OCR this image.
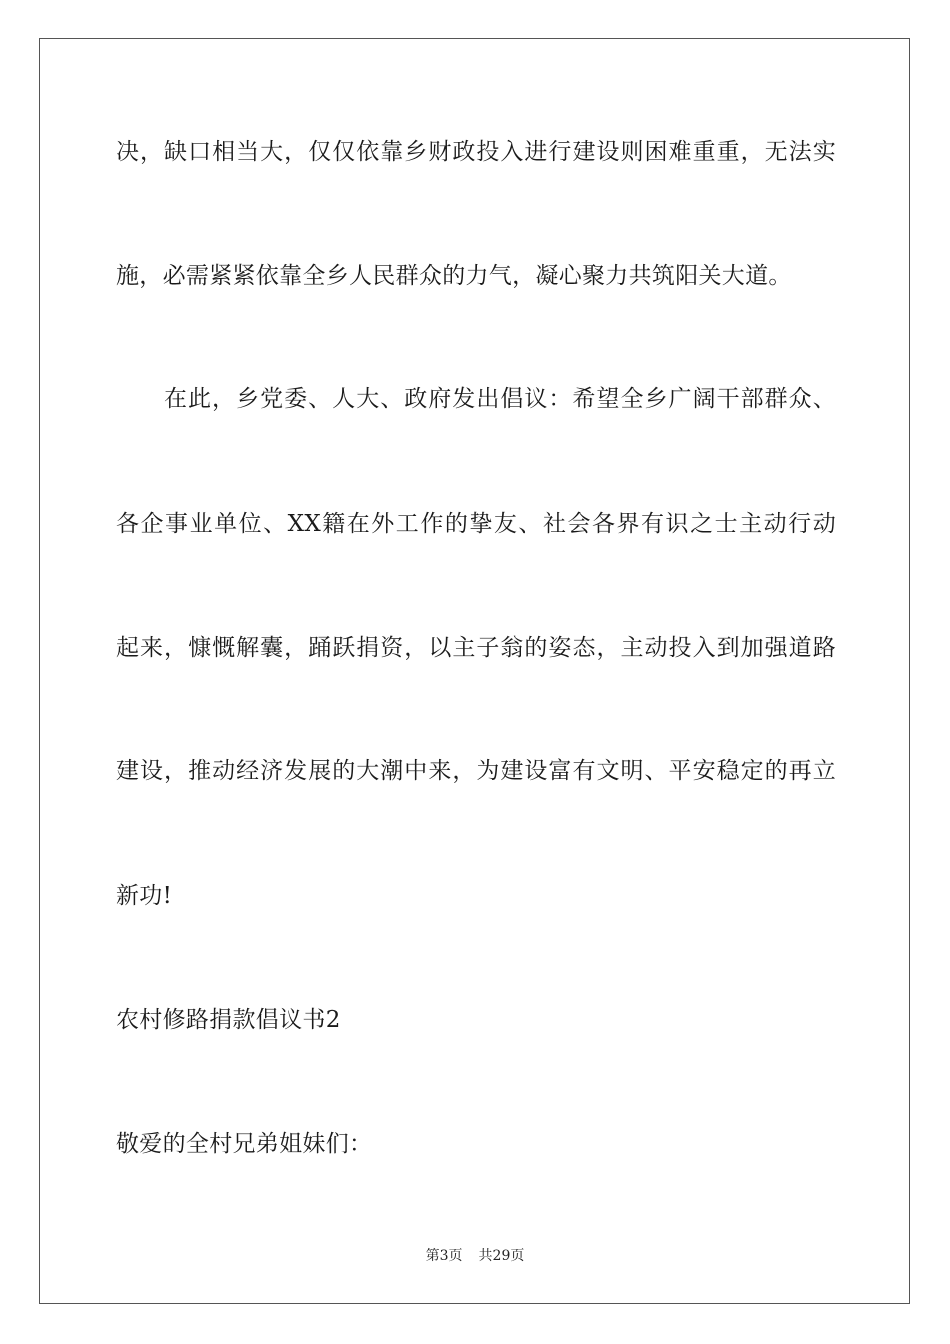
决，缺口相当大，仅仅依靠乡财政投入进行建设则困难重重，无法实
施，必需紧紧依靠全乡人民群众的力气，凝心聚力共筑阳关大道。
在此，乡党委、人大、政府发出倡议：希望全乡广阔干部群众、
各企事业单位、XX籍在外工作的挚友、社会各界有识之士主动行动
起来，慷慨解囊，踊跃捐资，以主子翁的姿态，主动投入到加强道路
建设，推动经济发展的大潮中来，为建设富有文明、平安稳定的再立
新功!
农村修路捐款倡议书2
敬爱的全村兄弟姐妹们：
第3页 共29页
